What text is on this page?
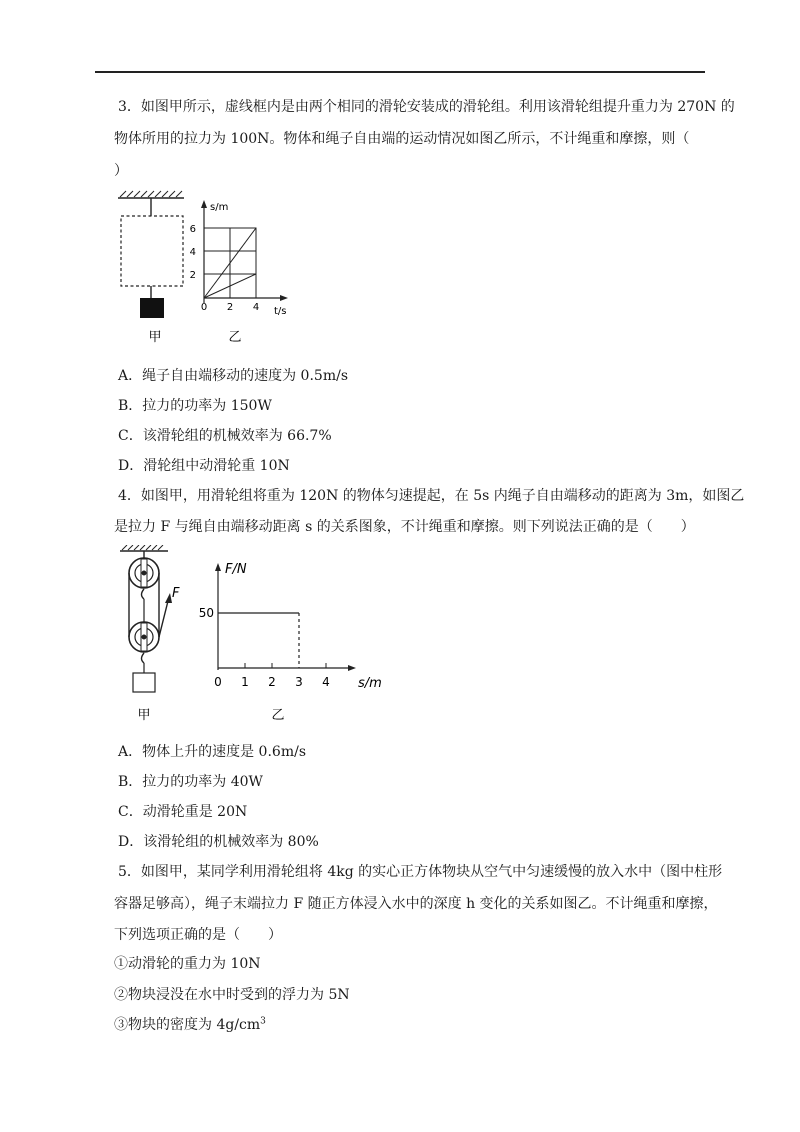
3．如图甲所示，虚线框内是由两个相同的滑轮安装成的滑轮组。利用该滑轮组提升重力为 270N 的
物体所用的拉力为 100N。物体和绳子自由端的运动情况如图乙所示，不计绳重和摩擦，则（
）
s/m
6
4
2
0 2 4 t/s
甲	乙
A．绳子自由端移动的速度为 0.5m/s
B．拉力的功率为 150W
C．该滑轮组的机械效率为 66.7%
D．滑轮组中动滑轮重 10N
4．如图甲，用滑轮组将重为 120N 的物体匀速提起，在 5s 内绳子自由端移动的距离为 3m，如图乙
是拉力 F 与绳自由端移动距离 s 的关系图象，不计绳重和摩擦。则下列说法正确的是（　　）
F
F/N
50
0 1 2 3 4 s/m
甲	乙
A．物体上升的速度是 0.6m/s
B．拉力的功率为 40W
C．动滑轮重是 20N
D．该滑轮组的机械效率为 80%
5．如图甲，某同学利用滑轮组将 4kg 的实心正方体物块从空气中匀速缓慢的放入水中（图中柱形
容器足够高），绳子末端拉力 F 随正方体浸入水中的深度 h 变化的关系如图乙。不计绳重和摩擦，
下列选项正确的是（　　）
①动滑轮的重力为 10N
②物块浸没在水中时受到的浮力为 5N
③物块的密度为 $4g/cm^3$
